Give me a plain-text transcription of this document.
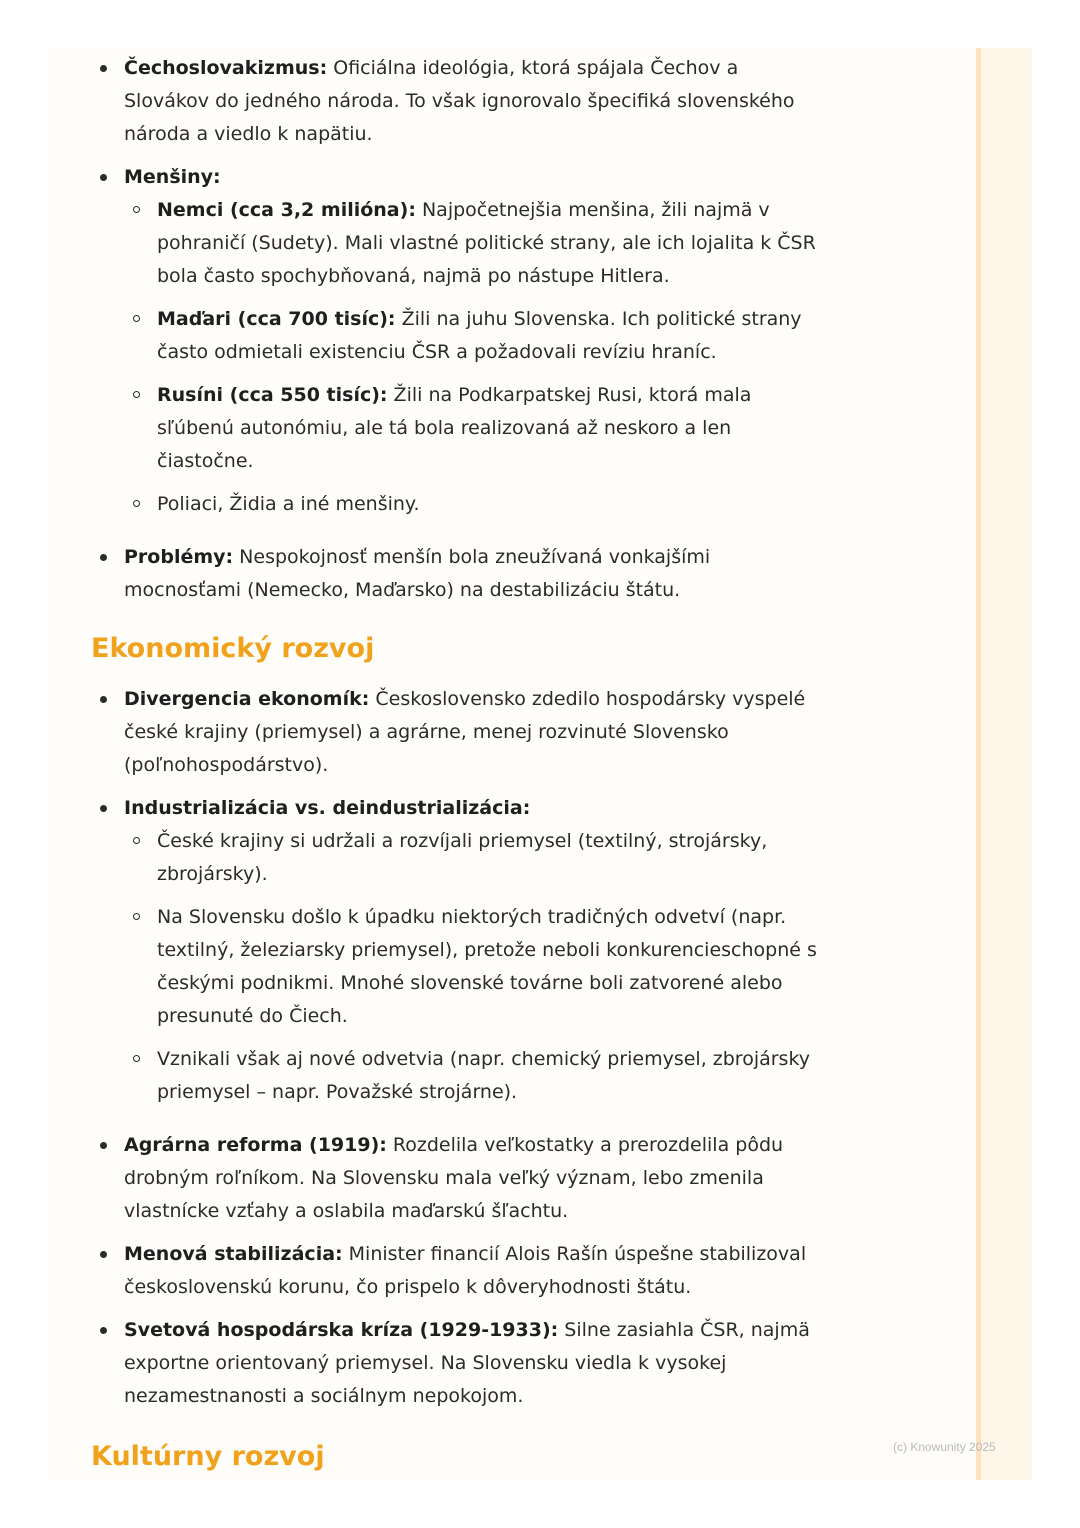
Čechoslovakizmus: Oficiálna ideológia, ktorá spájala Čechov a Slovákov do jedného národa. To však ignorovalo špecifiká slovenského národa a viedlo k napätiu.
Menšiny:
Nemci (cca 3,2 milióna): Najpočetnejšia menšina, žili najmä v pohraničí (Sudety). Mali vlastné politické strany, ale ich lojalita k ČSR bola často spochybňovaná, najmä po nástupe Hitlera.
Maďari (cca 700 tisíc): Žili na juhu Slovenska. Ich politické strany často odmietali existenciu ČSR a požadovali revíziu hraníc.
Rusíni (cca 550 tisíc): Žili na Podkarpatskej Rusi, ktorá mala sľúbenú autonómiu, ale tá bola realizovaná až neskoro a len čiastočne.
Poliaci, Židia a iné menšiny.
Problémy: Nespokojnosť menšín bola zneužívaná vonkajšími mocnosťami (Nemecko, Maďarsko) na destabilizáciu štátu.
Ekonomický rozvoj
Divergencia ekonomík: Československo zdedilo hospodársky vyspelé české krajiny (priemysel) a agrárne, menej rozvinuté Slovensko (poľnohospodárstvo).
Industrializácia vs. deindustrializácia:
České krajiny si udržali a rozvíjali priemysel (textilný, strojársky, zbrojársky).
Na Slovensku došlo k úpadku niektorých tradičných odvetví (napr. textilný, železiarsky priemysel), pretože neboli konkurencieschopné s českými podnikmi. Mnohé slovenské továrne boli zatvorené alebo presunuté do Čiech.
Vznikali však aj nové odvetvia (napr. chemický priemysel, zbrojársky priemysel – napr. Považské strojárne).
Agrárna reforma (1919): Rozdelila veľkostatky a prerozdelila pôdu drobným roľníkom. Na Slovensku mala veľký význam, lebo zmenila vlastnícke vzťahy a oslabila maďarskú šľachtu.
Menová stabilizácia: Minister financií Alois Rašín úspešne stabilizoval československú korunu, čo prispelo k dôveryhodnosti štátu.
Svetová hospodárska kríza (1929-1933): Silne zasiahla ČSR, najmä exportne orientovaný priemysel. Na Slovensku viedla k vysokej nezamestnanosti a sociálnym nepokojom.
Kultúrny rozvoj	(c) Knowunity 2025
